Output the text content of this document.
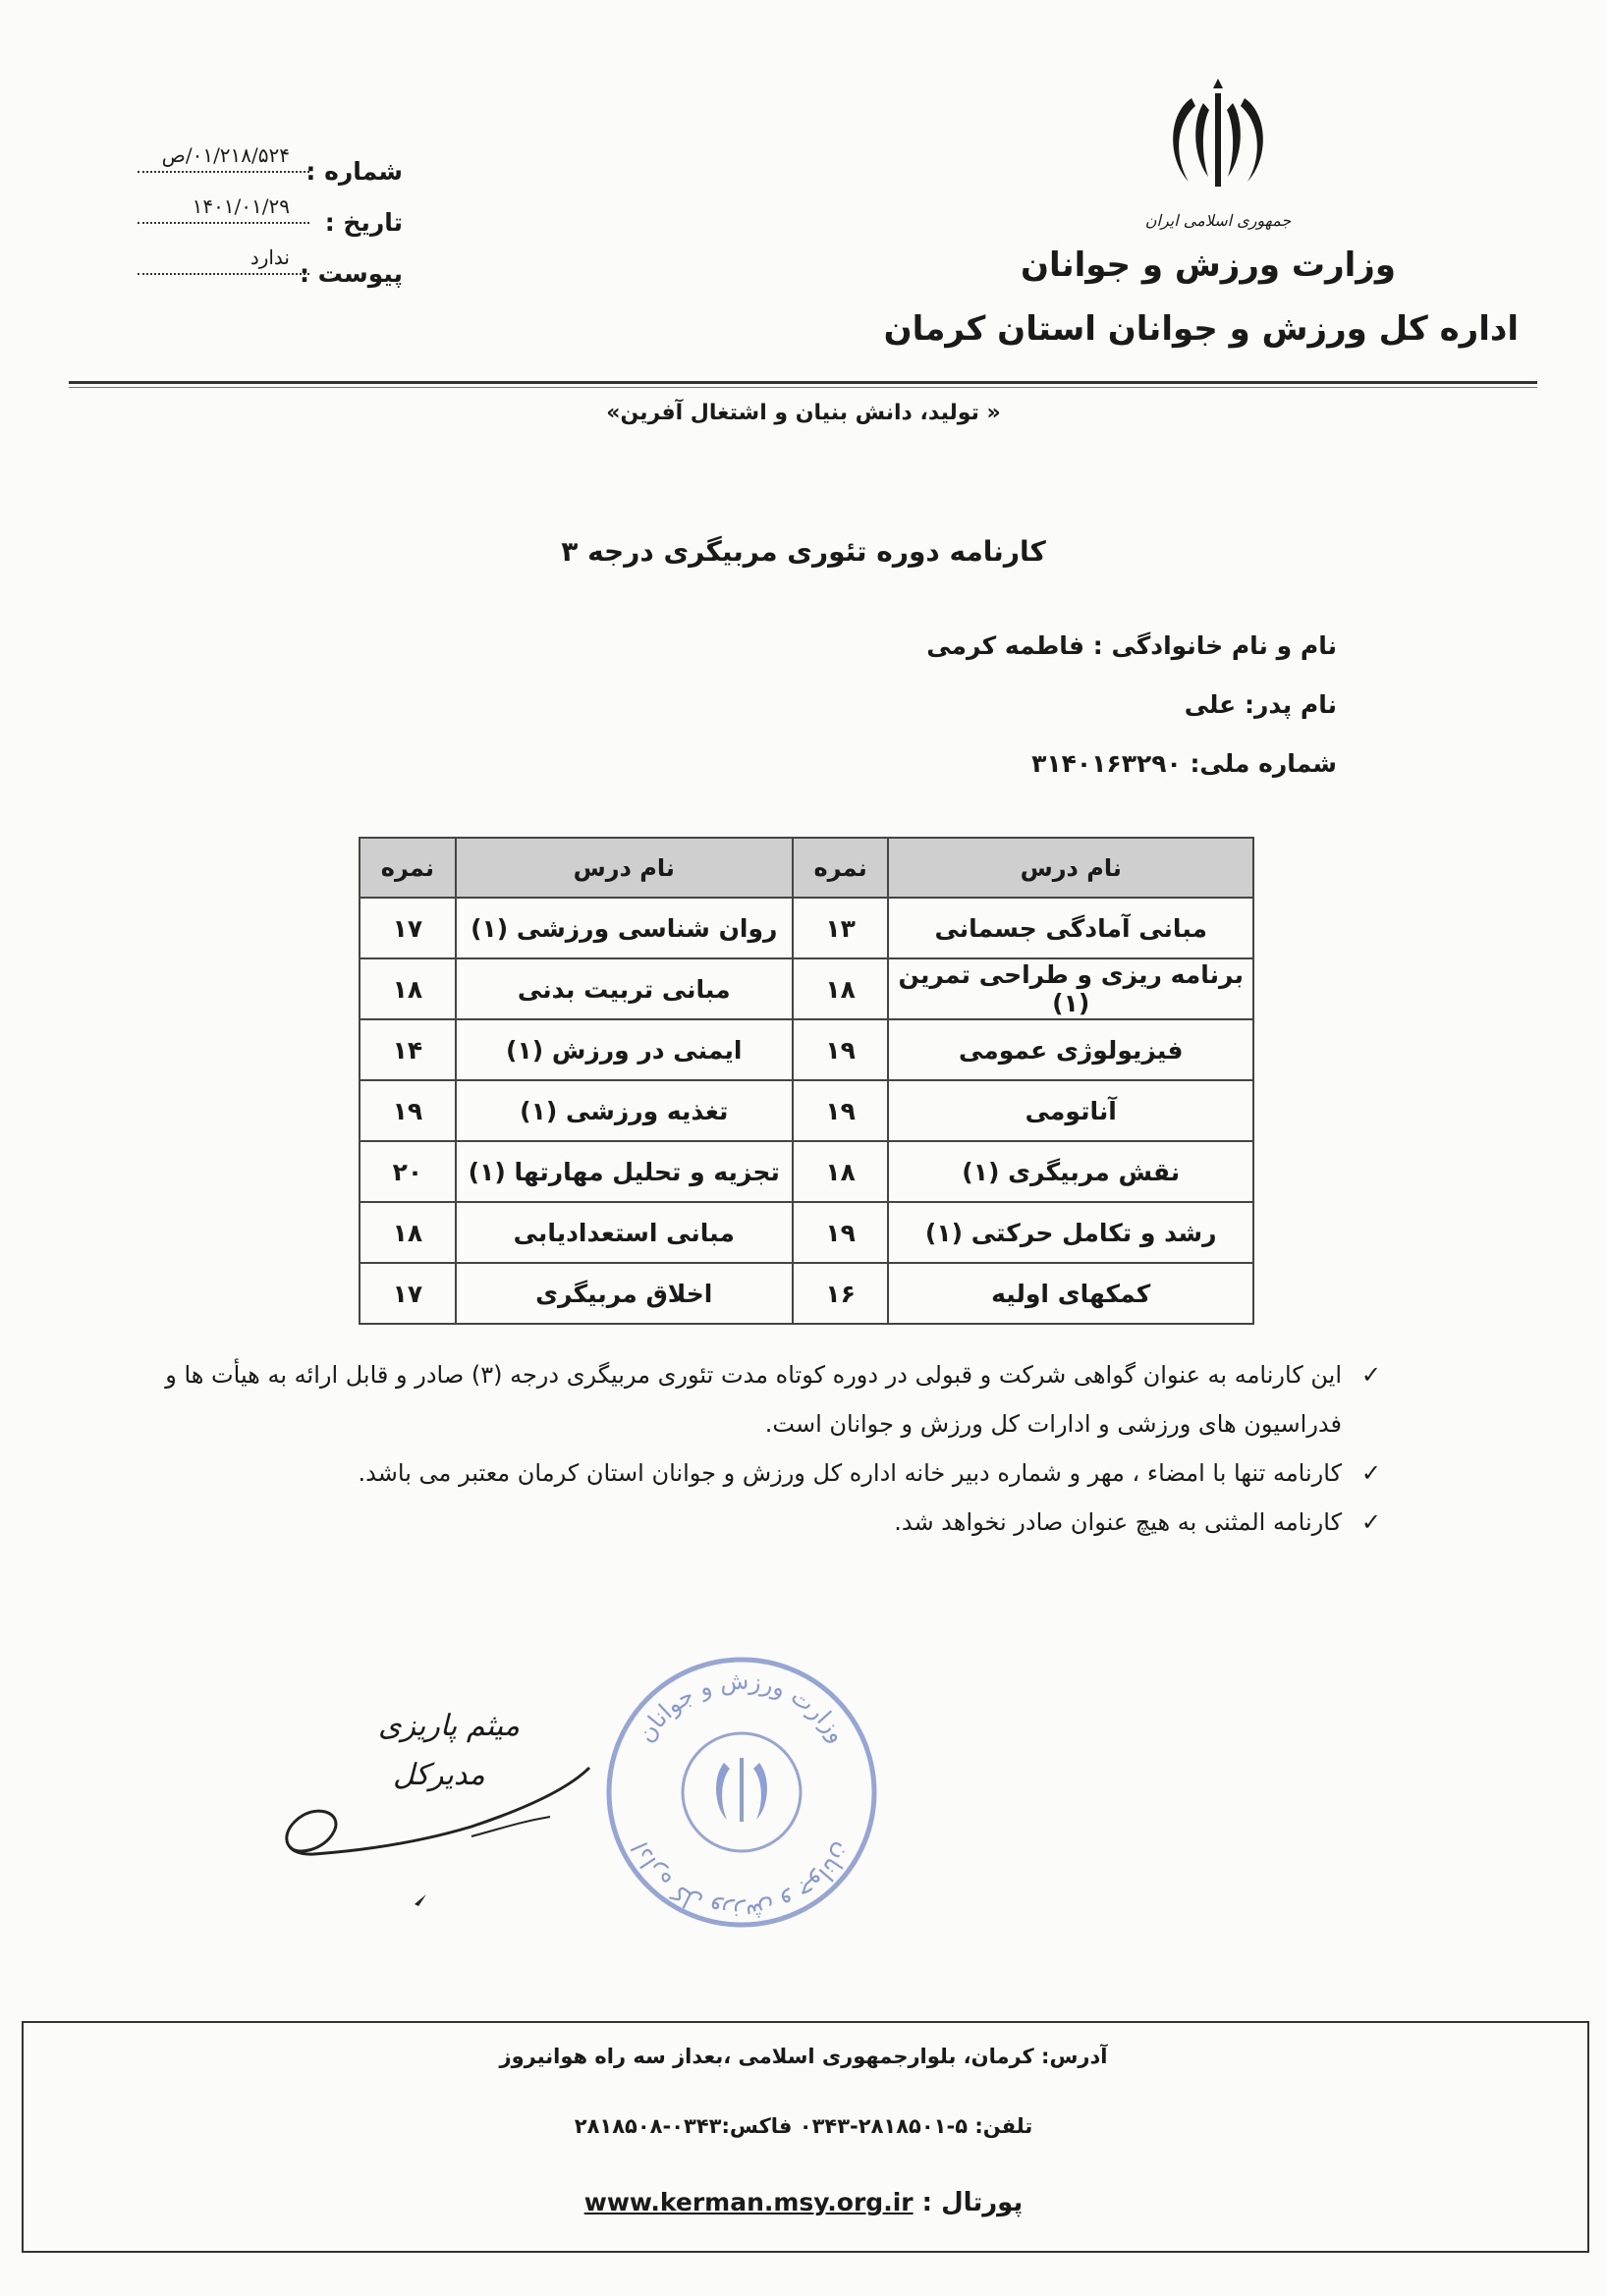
شماره :
۰۱/۲۱۸/۵۲۴/ص
تاریخ :
۱۴۰۱/۰۱/۲۹
پیوست :
ندارد
جمهوری اسلامی ایران
وزارت ورزش و جوانان
اداره کل ورزش و جوانان استان کرمان
« تولید، دانش بنیان و اشتغال آفرین»
کارنامه دوره تئوری مربیگری درجه ۳
نام و نام خانوادگی : فاطمه کرمی
نام پدر: علی
شماره ملی: ۳۱۴۰۱۶۳۲۹۰
نام درس	نمره	نام درس	نمره
مبانی آمادگی جسمانی	۱۳	روان شناسی ورزشی (۱)	۱۷
برنامه ریزی و طراحی تمرین (۱)	۱۸	مبانی تربیت بدنی	۱۸
فیزیولوژی عمومی	۱۹	ایمنی در ورزش (۱)	۱۴
آناتومی	۱۹	تغذیه ورزشی (۱)	۱۹
نقش مربیگری (۱)	۱۸	تجزیه و تحلیل مهارتها (۱)	۲۰
رشد و تکامل حرکتی (۱)	۱۹	مبانی استعدادیابی	۱۸
کمکهای اولیه	۱۶	اخلاق مربیگری	۱۷
✓
این کارنامه به عنوان گواهی شرکت و قبولی در دوره کوتاه مدت تئوری مربیگری درجه (۳) صادر و قابل ارائه به هیأت ها و فدراسیون های ورزشی و ادارات کل ورزش و جوانان است.
✓
کارنامه تنها با امضاء ، مهر و شماره دبیر خانه اداره کل ورزش و جوانان استان کرمان معتبر می باشد.
✓
کارنامه المثنی به هیچ عنوان صادر نخواهد شد.
میثم پاریزی
مدیرکل
وزارت ورزش و جوانان
اداره کل ورزش و جوانان
آدرس: کرمان، بلوارجمهوری اسلامی ،بعداز سه راه هوانیروز
تلفن: ۵-۲۸۱۸۵۰۱-۰۳۴۳ فاکس:۰۳۴۳-۲۸۱۸۵۰۸
پورتال : www.kerman.msy.org.ir
